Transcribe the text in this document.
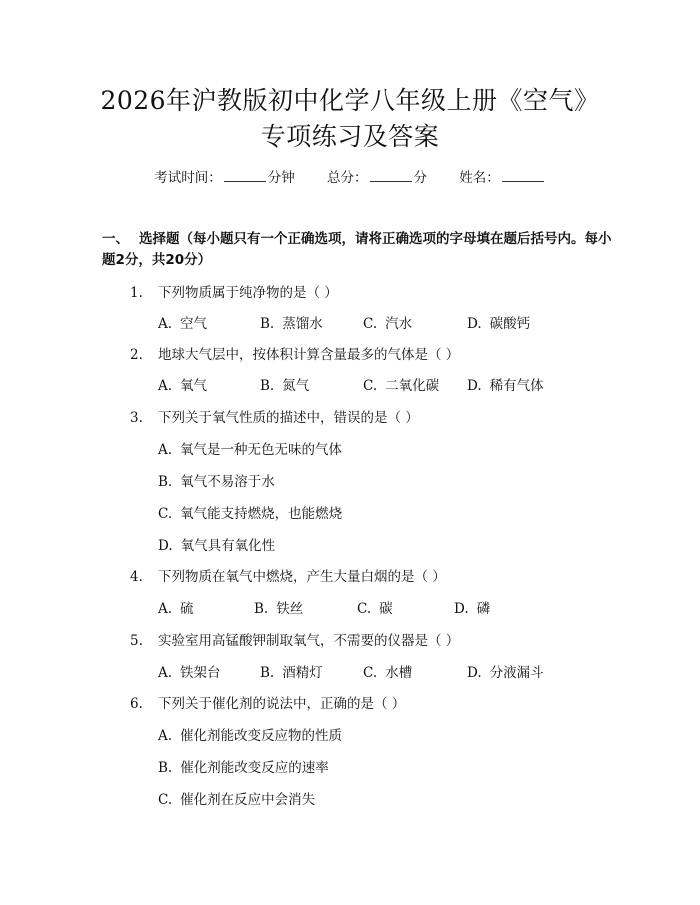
2026年沪教版初中化学八年级上册《空气》
专项练习及答案
考试时间：	分钟 总分：	分 姓名：
一、 选择题（每小题只有一个正确选项，请将正确选项的字母填在题后括号内。每小题2分，共20分）
1. 下列物质属于纯净物的是（ ）
A. 空气	B. 蒸馏水	C. 汽水	D. 碳酸钙
2. 地球大气层中，按体积计算含量最多的气体是（ ）
A. 氧气	B. 氮气	C. 二氧化碳 D. 稀有气体
3. 下列关于氧气性质的描述中，错误的是（ ）
A. 氧气是一种无色无味的气体
B. 氧气不易溶于水
C. 氧气能支持燃烧，也能燃烧
D. 氧气具有氧化性
4. 下列物质在氧气中燃烧，产生大量白烟的是（ ）
A. 硫	B. 铁丝	C. 碳	D. 磷
5. 实验室用高锰酸钾制取氧气，不需要的仪器是（ ）
A. 铁架台	B. 酒精灯	C. 水槽	D. 分液漏斗
6. 下列关于催化剂的说法中，正确的是（ ）
A. 催化剂能改变反应物的性质
B. 催化剂能改变反应的速率
C. 催化剂在反应中会消失
